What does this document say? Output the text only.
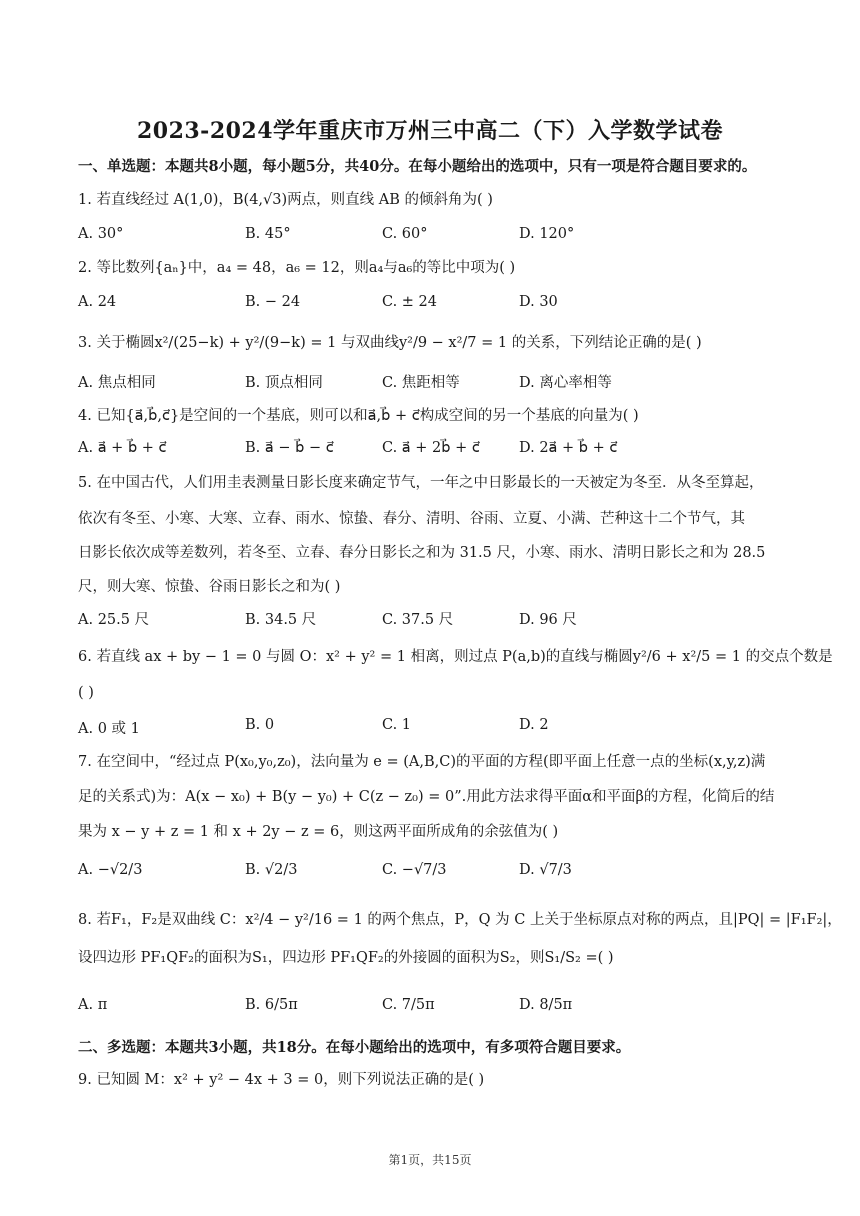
2023-2024学年重庆市万州三中高二（下）入学数学试卷
一、单选题：本题共8小题，每小题5分，共40分。在每小题给出的选项中，只有一项是符合题目要求的。
1. 若直线经过 A(1,0)，B(4,√3)两点，则直线 AB 的倾斜角为( )
A. 30°	B. 45°	C. 60°	D. 120°
2. 等比数列{aₙ}中，a₄ = 48，a₆ = 12，则a₄与a₆的等比中项为( )
A. 24	B. − 24	C. ± 24	D. 30
3. 关于椭圆x²/(25−k) + y²/(9−k) = 1 与双曲线y²/9 − x²/7 = 1 的关系，下列结论正确的是( )
A. 焦点相同	B. 顶点相同	C. 焦距相等	D. 离心率相等
4. 已知{a⃗,b⃗,c⃗}是空间的一个基底，则可以和a⃗,b⃗ + c⃗构成空间的另一个基底的向量为( )
A. a⃗ + b⃗ + c⃗	B. a⃗ − b⃗ − c⃗	C. a⃗ + 2b⃗ + c⃗	D. 2a⃗ + b⃗ + c⃗
5. 在中国古代，人们用圭表测量日影长度来确定节气，一年之中日影最长的一天被定为冬至．从冬至算起，
依次有冬至、小寒、大寒、立春、雨水、惊蛰、春分、清明、谷雨、立夏、小满、芒种这十二个节气，其
日影长依次成等差数列，若冬至、立春、春分日影长之和为 31.5 尺，小寒、雨水、清明日影长之和为 28.5
尺，则大寒、惊蛰、谷雨日影长之和为( )
A. 25.5 尺	B. 34.5 尺	C. 37.5 尺	D. 96 尺
6. 若直线 ax + by − 1 = 0 与圆 O：x² + y² = 1 相离，则过点 P(a,b)的直线与椭圆y²/6 + x²/5 = 1 的交点个数是
( )
A. 0 或 1	B. 0	C. 1	D. 2
7. 在空间中，“经过点 P(x₀,y₀,z₀)，法向量为 e = (A,B,C)的平面的方程(即平面上任意一点的坐标(x,y,z)满
足的关系式)为：A(x − x₀) + B(y − y₀) + C(z − z₀) = 0”.用此方法求得平面α和平面β的方程，化简后的结
果为 x − y + z = 1 和 x + 2y − z = 6，则这两平面所成角的余弦值为( )
A. −√2/3	B. √2/3	C. −√7/3	D. √7/3
8. 若F₁，F₂是双曲线 C：x²/4 − y²/16 = 1 的两个焦点，P，Q 为 C 上关于坐标原点对称的两点，且|PQ| = |F₁F₂|，
设四边形 PF₁QF₂的面积为S₁，四边形 PF₁QF₂的外接圆的面积为S₂，则S₁/S₂ =( )
A. π	B. 6/5π	C. 7/5π	D. 8/5π
二、多选题：本题共3小题，共18分。在每小题给出的选项中，有多项符合题目要求。
9. 已知圆 M：x² + y² − 4x + 3 = 0，则下列说法正确的是( )
第1页，共15页
